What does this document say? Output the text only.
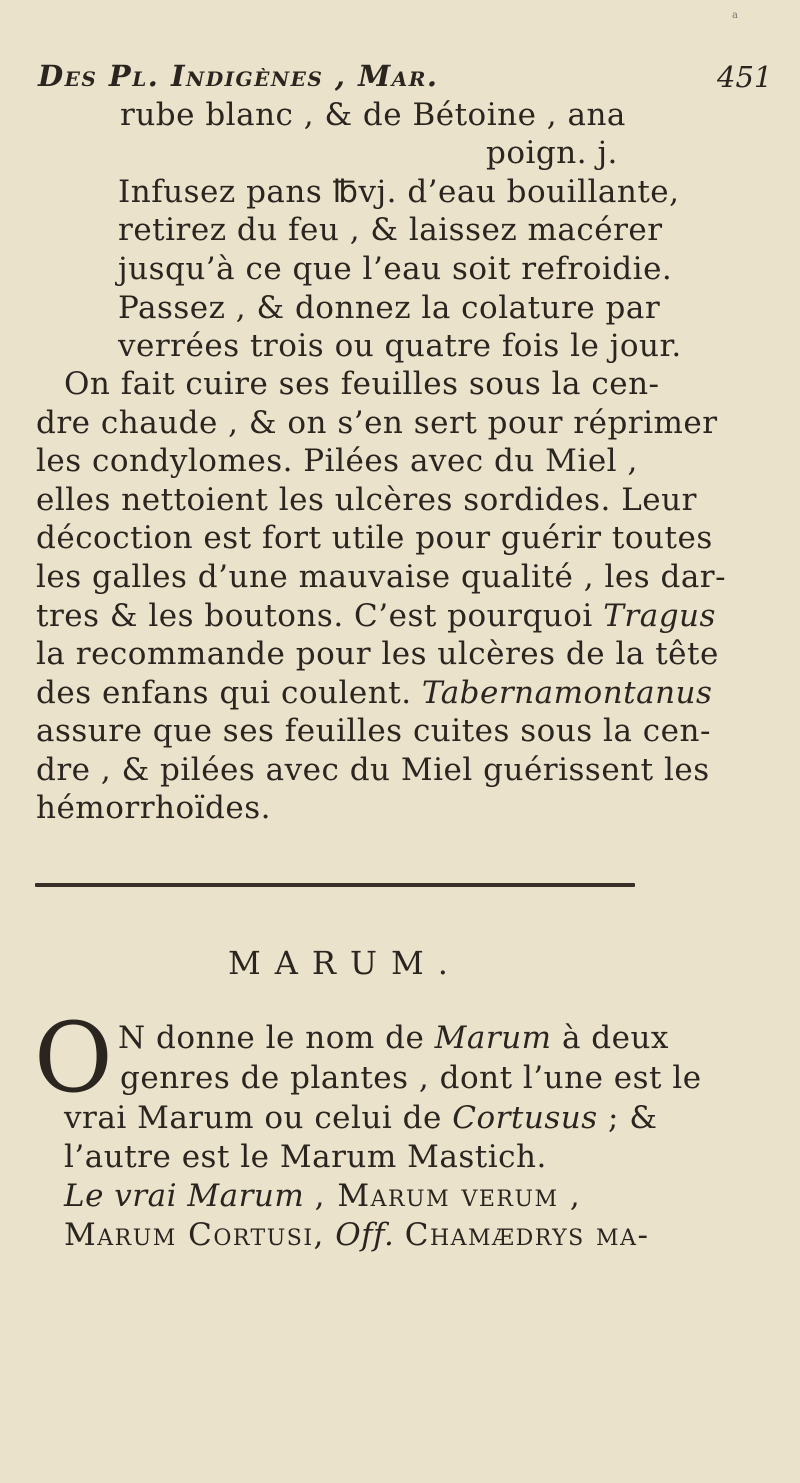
a
Des Pl. Indigènes , Mar.	451
rube blanc , & de Bétoine , ana
poign. j.
Infusez pans ℔vj. d’eau bouillante,
retirez du feu , & laissez macérer
jusqu’à ce que l’eau soit refroidie.
Passez , & donnez la colature par
verrées trois ou quatre fois le jour.
On fait cuire ses feuilles sous la cen-
dre chaude , & on s’en sert pour réprimer
les condylomes. Pilées avec du Miel ,
elles nettoient les ulcères sordides. Leur
décoction est fort utile pour guérir toutes
les galles d’une mauvaise qualité , les dar-
tres & les boutons. C’est pourquoi Tragus
la recommande pour les ulcères de la tête
des enfans qui coulent. Tabernamontanus
assure que ses feuilles cuites sous la cen-
dre , & pilées avec du Miel guérissent les
hémorrhoïdes.
MARUM.
O N donne le nom de Marum à deux
genres de plantes , dont l’une est le
vrai Marum ou celui de Cortusus ; &
l’autre est le Marum Mastich.
Le vrai Marum , Marum verum ,
Marum Cortusi, Off. Chamædrys ma-
